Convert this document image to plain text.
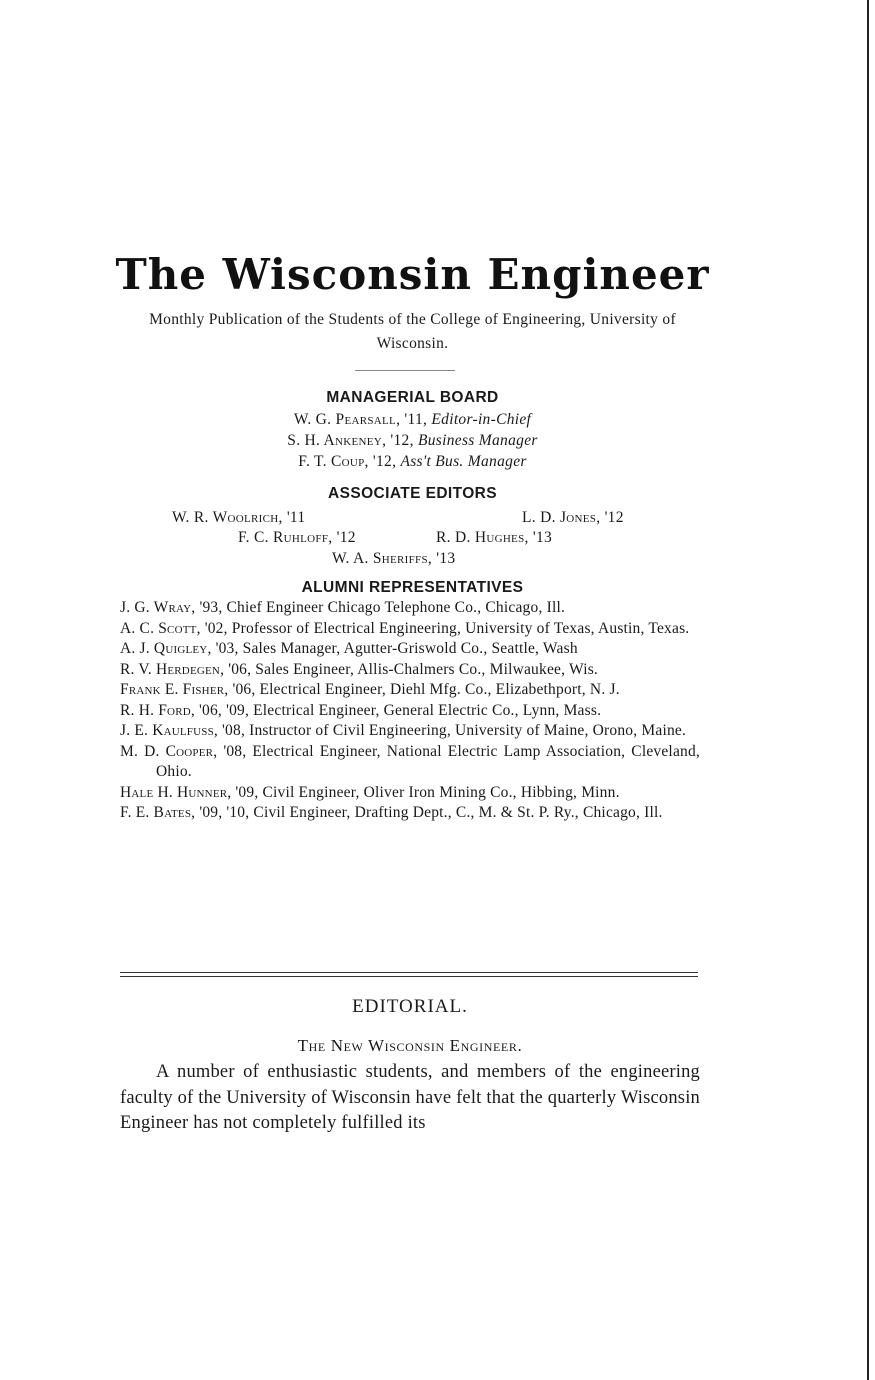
The Wisconsin Engineer
Monthly Publication of the Students of the College of Engineering, University of Wisconsin.
MANAGERIAL BOARD
W. G. Pearsall, '11, Editor-in-Chief
S. H. Ankeney, '12, Business Manager
F. T. Coup, '12, Ass't Bus. Manager
ASSOCIATE EDITORS
W. R. Woolrich, '11	L. D. Jones, '12
F. C. Ruhloff, '12	R. D. Hughes, '13
W. A. Sheriffs, '13
ALUMNI REPRESENTATIVES

J. G. Wray, '93, Chief Engineer Chicago Telephone Co., Chicago, Ill.

A. C. Scott, '02, Professor of Electrical Engineering, University of Texas, Austin, Texas.

A. J. Quigley, '03, Sales Manager, Agutter-Griswold Co., Seattle, Wash

R. V. Herdegen, '06, Sales Engineer, Allis-Chalmers Co., Milwaukee, Wis.

Frank E. Fisher, '06, Electrical Engineer, Diehl Mfg. Co., Elizabethport, N. J.

R. H. Ford, '06, '09, Electrical Engineer, General Electric Co., Lynn, Mass.

J. E. Kaulfuss, '08, Instructor of Civil Engineering, University of Maine, Orono, Maine.

M. D. Cooper, '08, Electrical Engineer, National Electric Lamp Association, Cleveland, Ohio.

Hale H. Hunner, '09, Civil Engineer, Oliver Iron Mining Co., Hibbing, Minn.

F. E. Bates, '09, '10, Civil Engineer, Drafting Dept., C., M. & St. P. Ry., Chicago, Ill.

EDITORIAL.
The New Wisconsin Engineer.

A number of enthusiastic students, and members of the engineering faculty of the University of Wisconsin have felt that the quarterly Wisconsin Engineer has not completely fulfilled its
